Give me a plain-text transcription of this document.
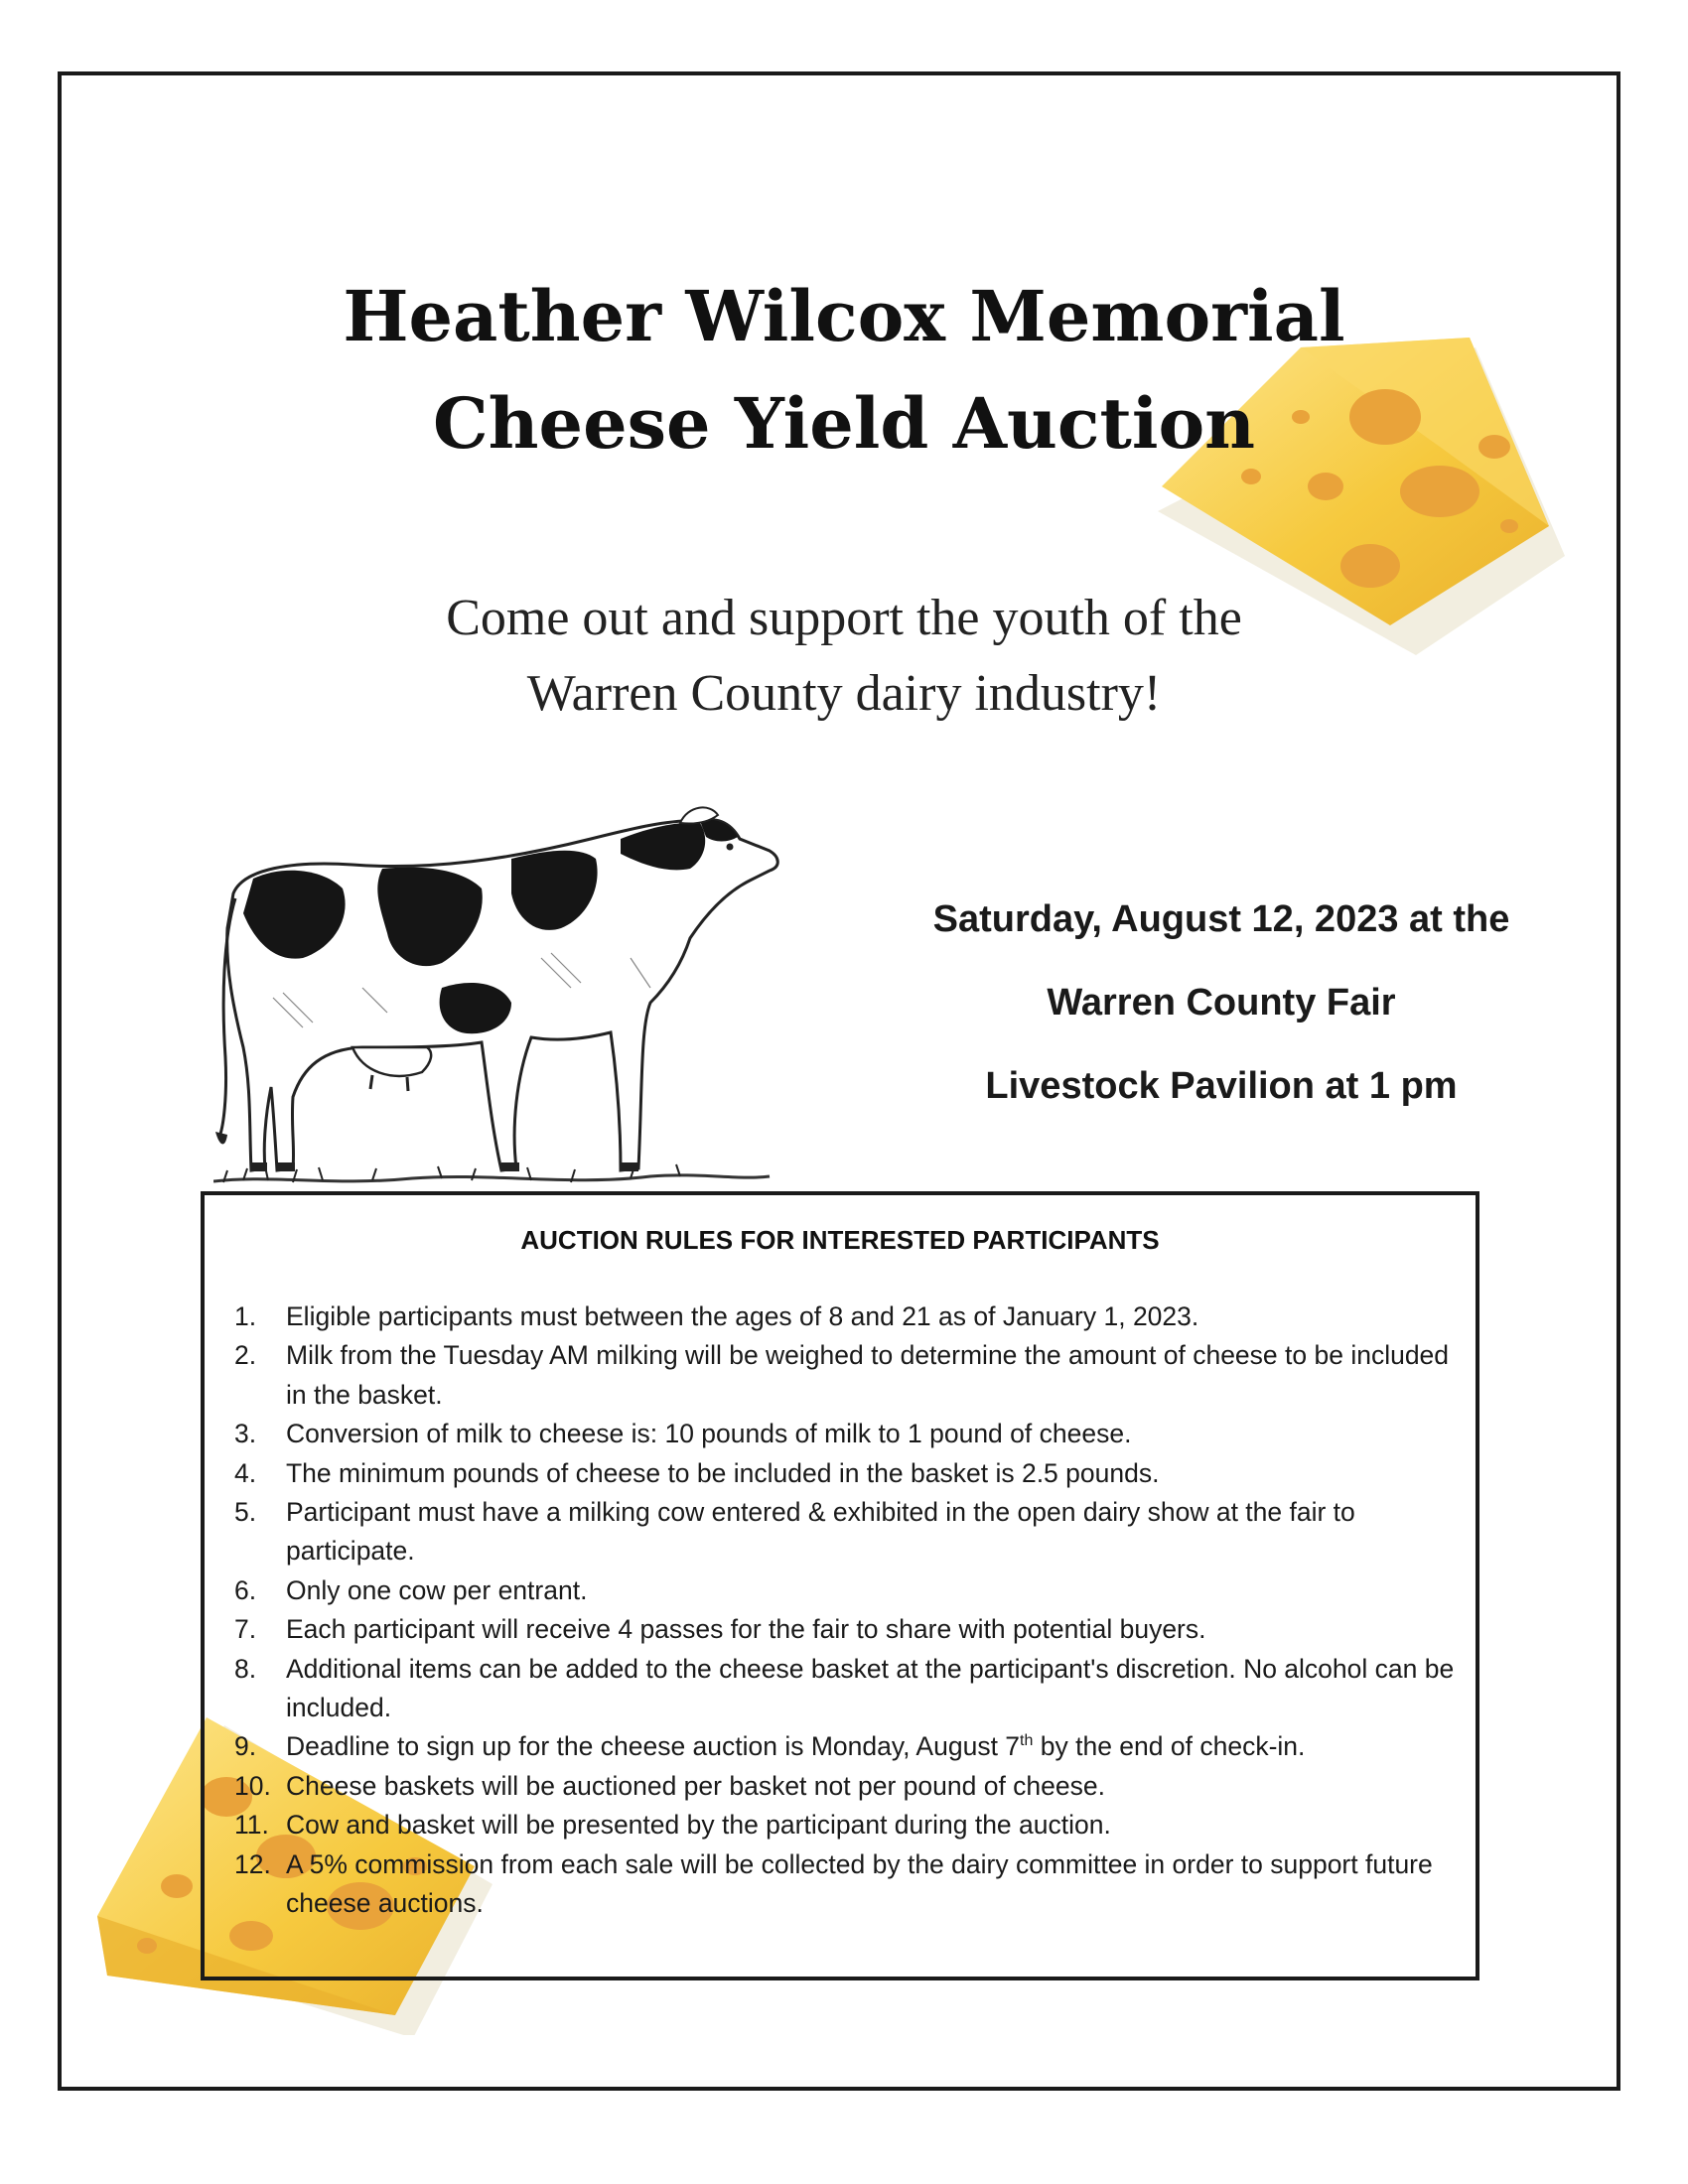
Heather Wilcox Memorial
Cheese Yield Auction

Come out and support the youth of the
Warren County dairy industry!

Saturday, August 12, 2023 at the
Warren County Fair
Livestock Pavilion at 1 pm
AUCTION RULES FOR INTERESTED PARTICIPANTS
1. Eligible participants must between the ages of 8 and 21 as of January 1, 2023.
2. Milk from the Tuesday AM milking will be weighed to determine the amount of cheese to be included in the basket.
3. Conversion of milk to cheese is: 10 pounds of milk to 1 pound of cheese.
4. The minimum pounds of cheese to be included in the basket is 2.5 pounds.
5. Participant must have a milking cow entered & exhibited in the open dairy show at the fair to participate.
6. Only one cow per entrant.
7. Each participant will receive 4 passes for the fair to share with potential buyers.
8. Additional items can be added to the cheese basket at the participant's discretion. No alcohol can be included.
9. Deadline to sign up for the cheese auction is Monday, August 7th by the end of check-in.
10. Cheese baskets will be auctioned per basket not per pound of cheese.
11. Cow and basket will be presented by the participant during the auction.
12. A 5% commission from each sale will be collected by the dairy committee in order to support future cheese auctions.
